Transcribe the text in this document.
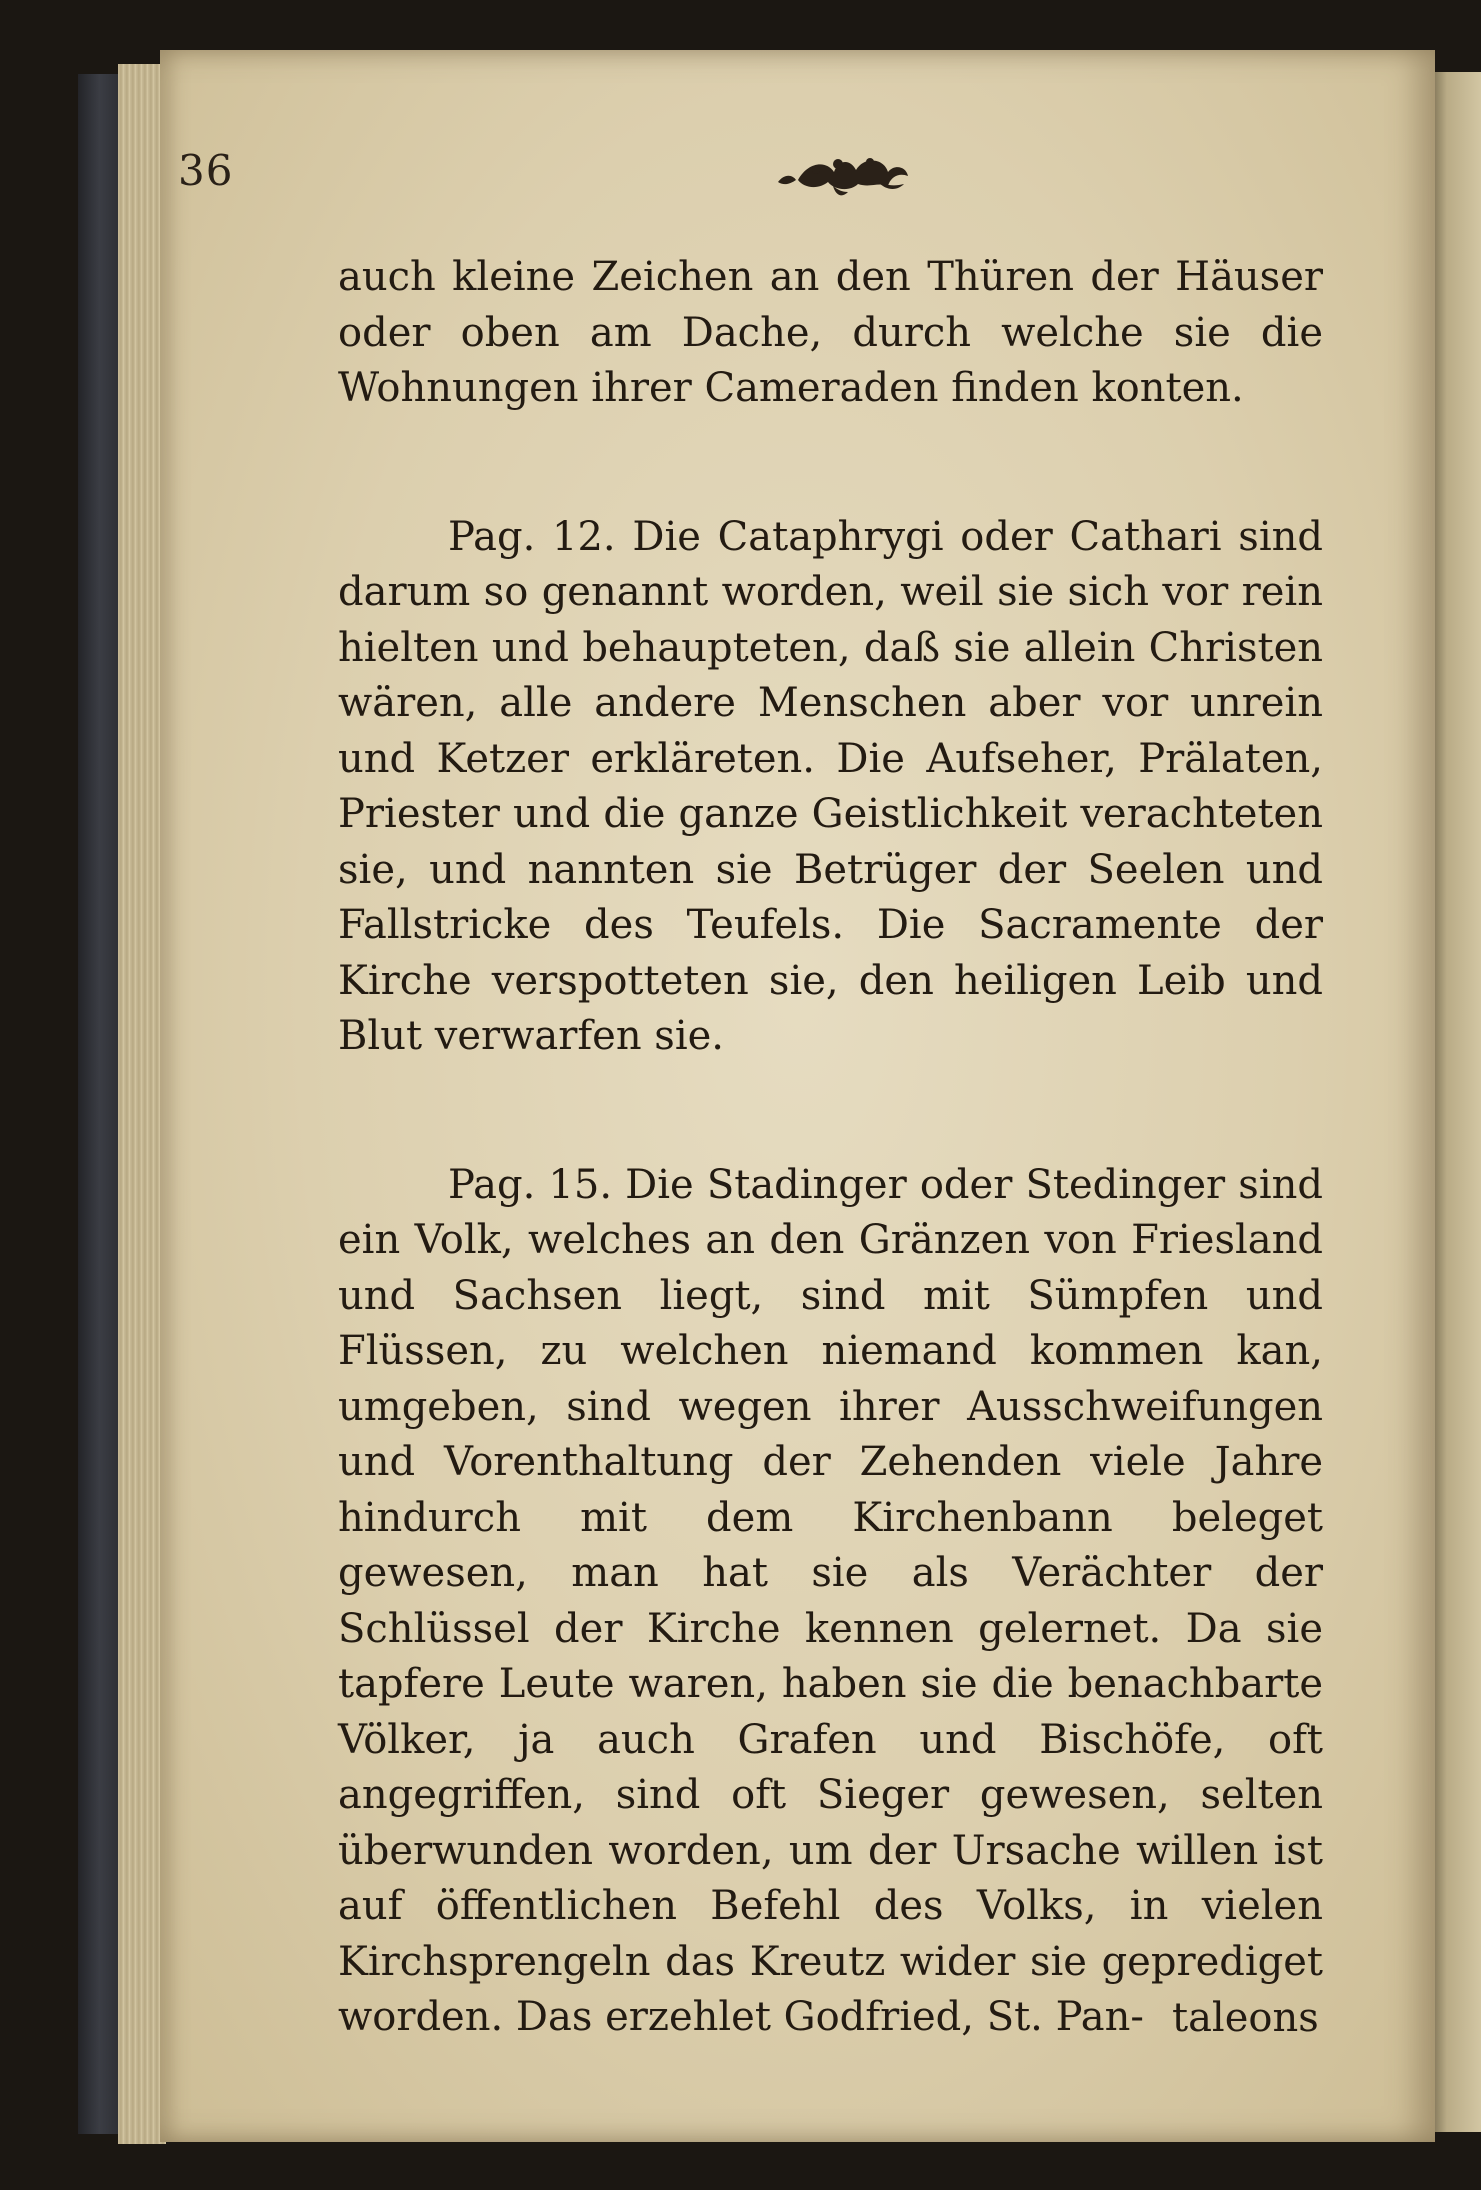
36

auch kleine Zeichen an den Thüren der Häuser oder oben am Dache, durch welche sie die Wohnungen ihrer Cameraden finden konten.

Pag. 12. Die Cataphrygi oder Cathari sind darum so genannt worden, weil sie sich vor rein hielten und behaupteten, daß sie allein Christen wären, alle andere Menschen aber vor unrein und Ketzer erkläreten. Die Aufseher, Prälaten, Priester und die ganze Geistlichkeit verachteten sie, und nannten sie Betrüger der Seelen und Fallstricke des Teufels. Die Sacramente der Kirche verspotteten sie, den heiligen Leib und Blut verwarfen sie.

Pag. 15. Die Stadinger oder Stedinger sind ein Volk, welches an den Gränzen von Friesland und Sachsen liegt, sind mit Sümpfen und Flüssen, zu welchen niemand kommen kan, umgeben, sind wegen ihrer Ausschweifungen und Vorenthaltung der Zehenden viele Jahre hindurch mit dem Kirchenbann beleget gewesen, man hat sie als Verächter der Schlüssel der Kirche kennen gelernet. Da sie tapfere Leute waren, haben sie die benachbarte Völker, ja auch Grafen und Bischöfe, oft angegriffen, sind oft Sieger gewesen, selten überwunden worden, um der Ursache willen ist auf öffentlichen Befehl des Volks, in vielen Kirchsprengeln das Kreutz wider sie geprediget worden. Das erzehlet Godfried, St. Pan- taleons
